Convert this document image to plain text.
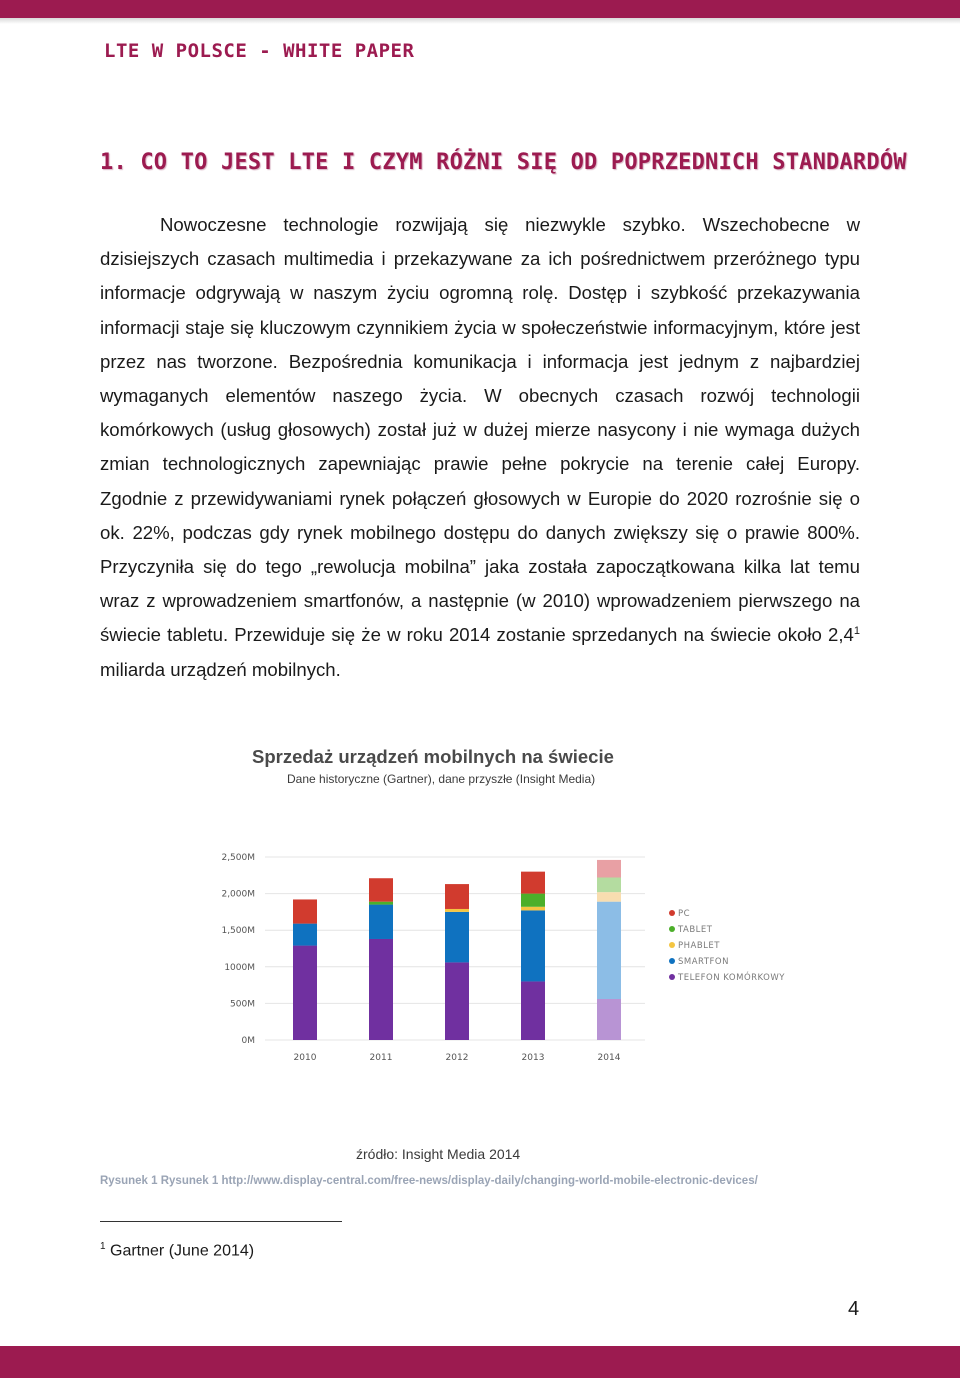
LTE W POLSCE - WHITE PAPER
1. CO TO JEST LTE I CZYM RÓŻNI SIĘ OD POPRZEDNICH STANDARDÓW

Nowoczesne technologie rozwijają się niezwykle szybko. Wszechobecne w dzisiejszych czasach multimedia i przekazywane za ich pośrednictwem przeróżnego typu informacje odgrywają w naszym życiu ogromną rolę. Dostęp i szybkość przekazywania informacji staje się kluczowym czynnikiem życia w społeczeństwie informacyjnym, które jest przez nas tworzone. Bezpośrednia komunikacja i informacja jest jednym z najbardziej wymaganych elementów naszego życia. W obecnych czasach rozwój technologii komórkowych (usług głosowych) został już w dużej mierze nasycony i nie wymaga dużych zmian technologicznych zapewniając prawie pełne pokrycie na terenie całej Europy. Zgodnie z przewidywaniami rynek połączeń głosowych w Europie do 2020 rozrośnie się o ok. 22%, podczas gdy rynek mobilnego dostępu do danych zwiększy się o prawie 800%. Przyczyniła się do tego „rewolucja mobilna” jaka została zapoczątkowana kilka lat temu wraz z wprowadzeniem smartfonów, a następnie (w 2010) wprowadzeniem pierwszego na świecie tabletu. Przewiduje się że w roku 2014 zostanie sprzedanych na świecie około $2,4^1$ miliarda urządzeń mobilnych.

Sprzedaż urządzeń mobilnych na świecie
Dane historyczne (Gartner), dane przyszłe (Insight Media)
0M
500M
1000M
1,500M
2,000M
2,500M
2010	2011	2012	2013	2014
PC
TABLET
PHABLET
SMARTFON
TELEFON KOMÓRKOWY
źródło: Insight Media 2014
Rysunek 1 Rysunek 1 http://www.display-central.com/free-news/display-daily/changing-world-mobile-electronic-devices/
$^1$ Gartner (June 2014)
4
